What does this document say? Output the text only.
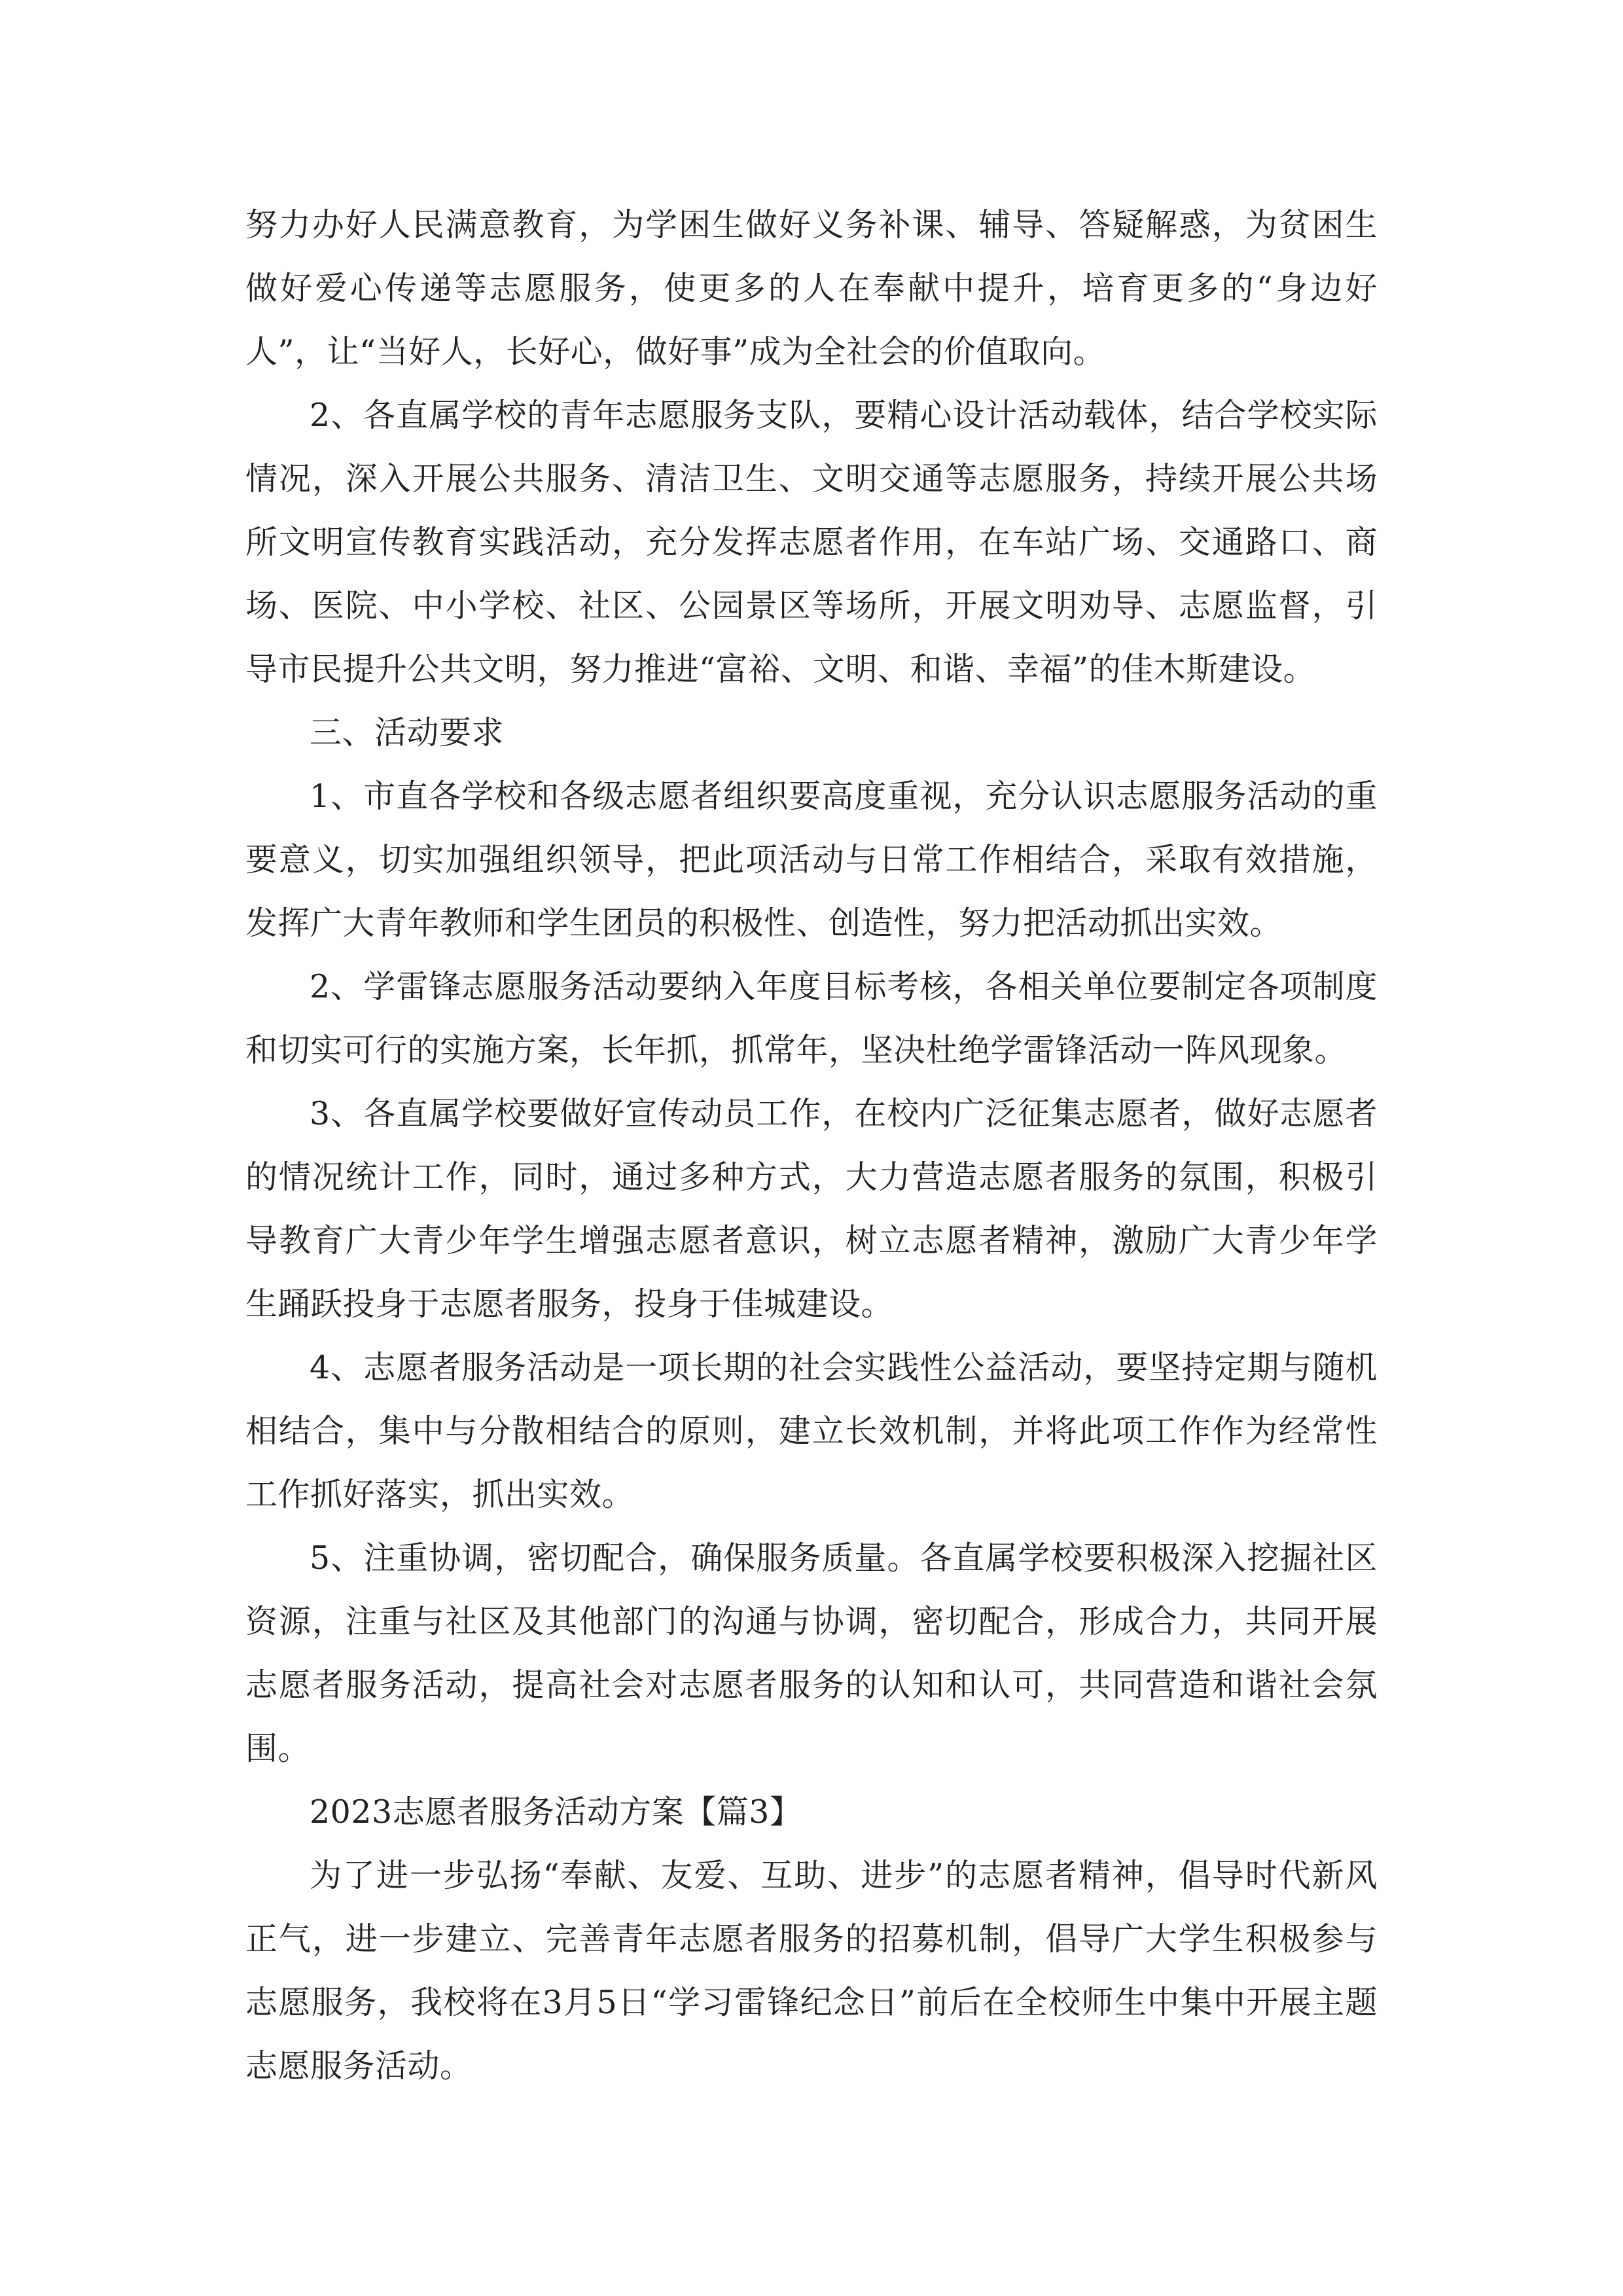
努力办好人民满意教育，为学困生做好义务补课、辅导、答疑解惑，为贫困生做好爱心传递等志愿服务，使更多的人在奉献中提升，培育更多的“身边好人”，让“当好人，长好心，做好事”成为全社会的价值取向。

2、各直属学校的青年志愿服务支队，要精心设计活动载体，结合学校实际情况，深入开展公共服务、清洁卫生、文明交通等志愿服务，持续开展公共场所文明宣传教育实践活动，充分发挥志愿者作用，在车站广场、交通路口、商场、医院、中小学校、社区、公园景区等场所，开展文明劝导、志愿监督，引导市民提升公共文明，努力推进“富裕、文明、和谐、幸福”的佳木斯建设。

三、活动要求

1、市直各学校和各级志愿者组织要高度重视，充分认识志愿服务活动的重要意义，切实加强组织领导，把此项活动与日常工作相结合，采取有效措施，发挥广大青年教师和学生团员的积极性、创造性，努力把活动抓出实效。

2、学雷锋志愿服务活动要纳入年度目标考核，各相关单位要制定各项制度和切实可行的实施方案，长年抓，抓常年，坚决杜绝学雷锋活动一阵风现象。

3、各直属学校要做好宣传动员工作，在校内广泛征集志愿者，做好志愿者的情况统计工作，同时，通过多种方式，大力营造志愿者服务的氛围，积极引导教育广大青少年学生增强志愿者意识，树立志愿者精神，激励广大青少年学生踊跃投身于志愿者服务，投身于佳城建设。

4、志愿者服务活动是一项长期的社会实践性公益活动，要坚持定期与随机相结合，集中与分散相结合的原则，建立长效机制，并将此项工作作为经常性工作抓好落实，抓出实效。

5、注重协调，密切配合，确保服务质量。各直属学校要积极深入挖掘社区资源，注重与社区及其他部门的沟通与协调，密切配合，形成合力，共同开展志愿者服务活动，提高社会对志愿者服务的认知和认可，共同营造和谐社会氛围。

2023志愿者服务活动方案【篇3】

为了进一步弘扬“奉献、友爱、互助、进步”的志愿者精神，倡导时代新风正气，进一步建立、完善青年志愿者服务的招募机制，倡导广大学生积极参与志愿服务，我校将在3月5日“学习雷锋纪念日”前后在全校师生中集中开展主题志愿服务活动。
